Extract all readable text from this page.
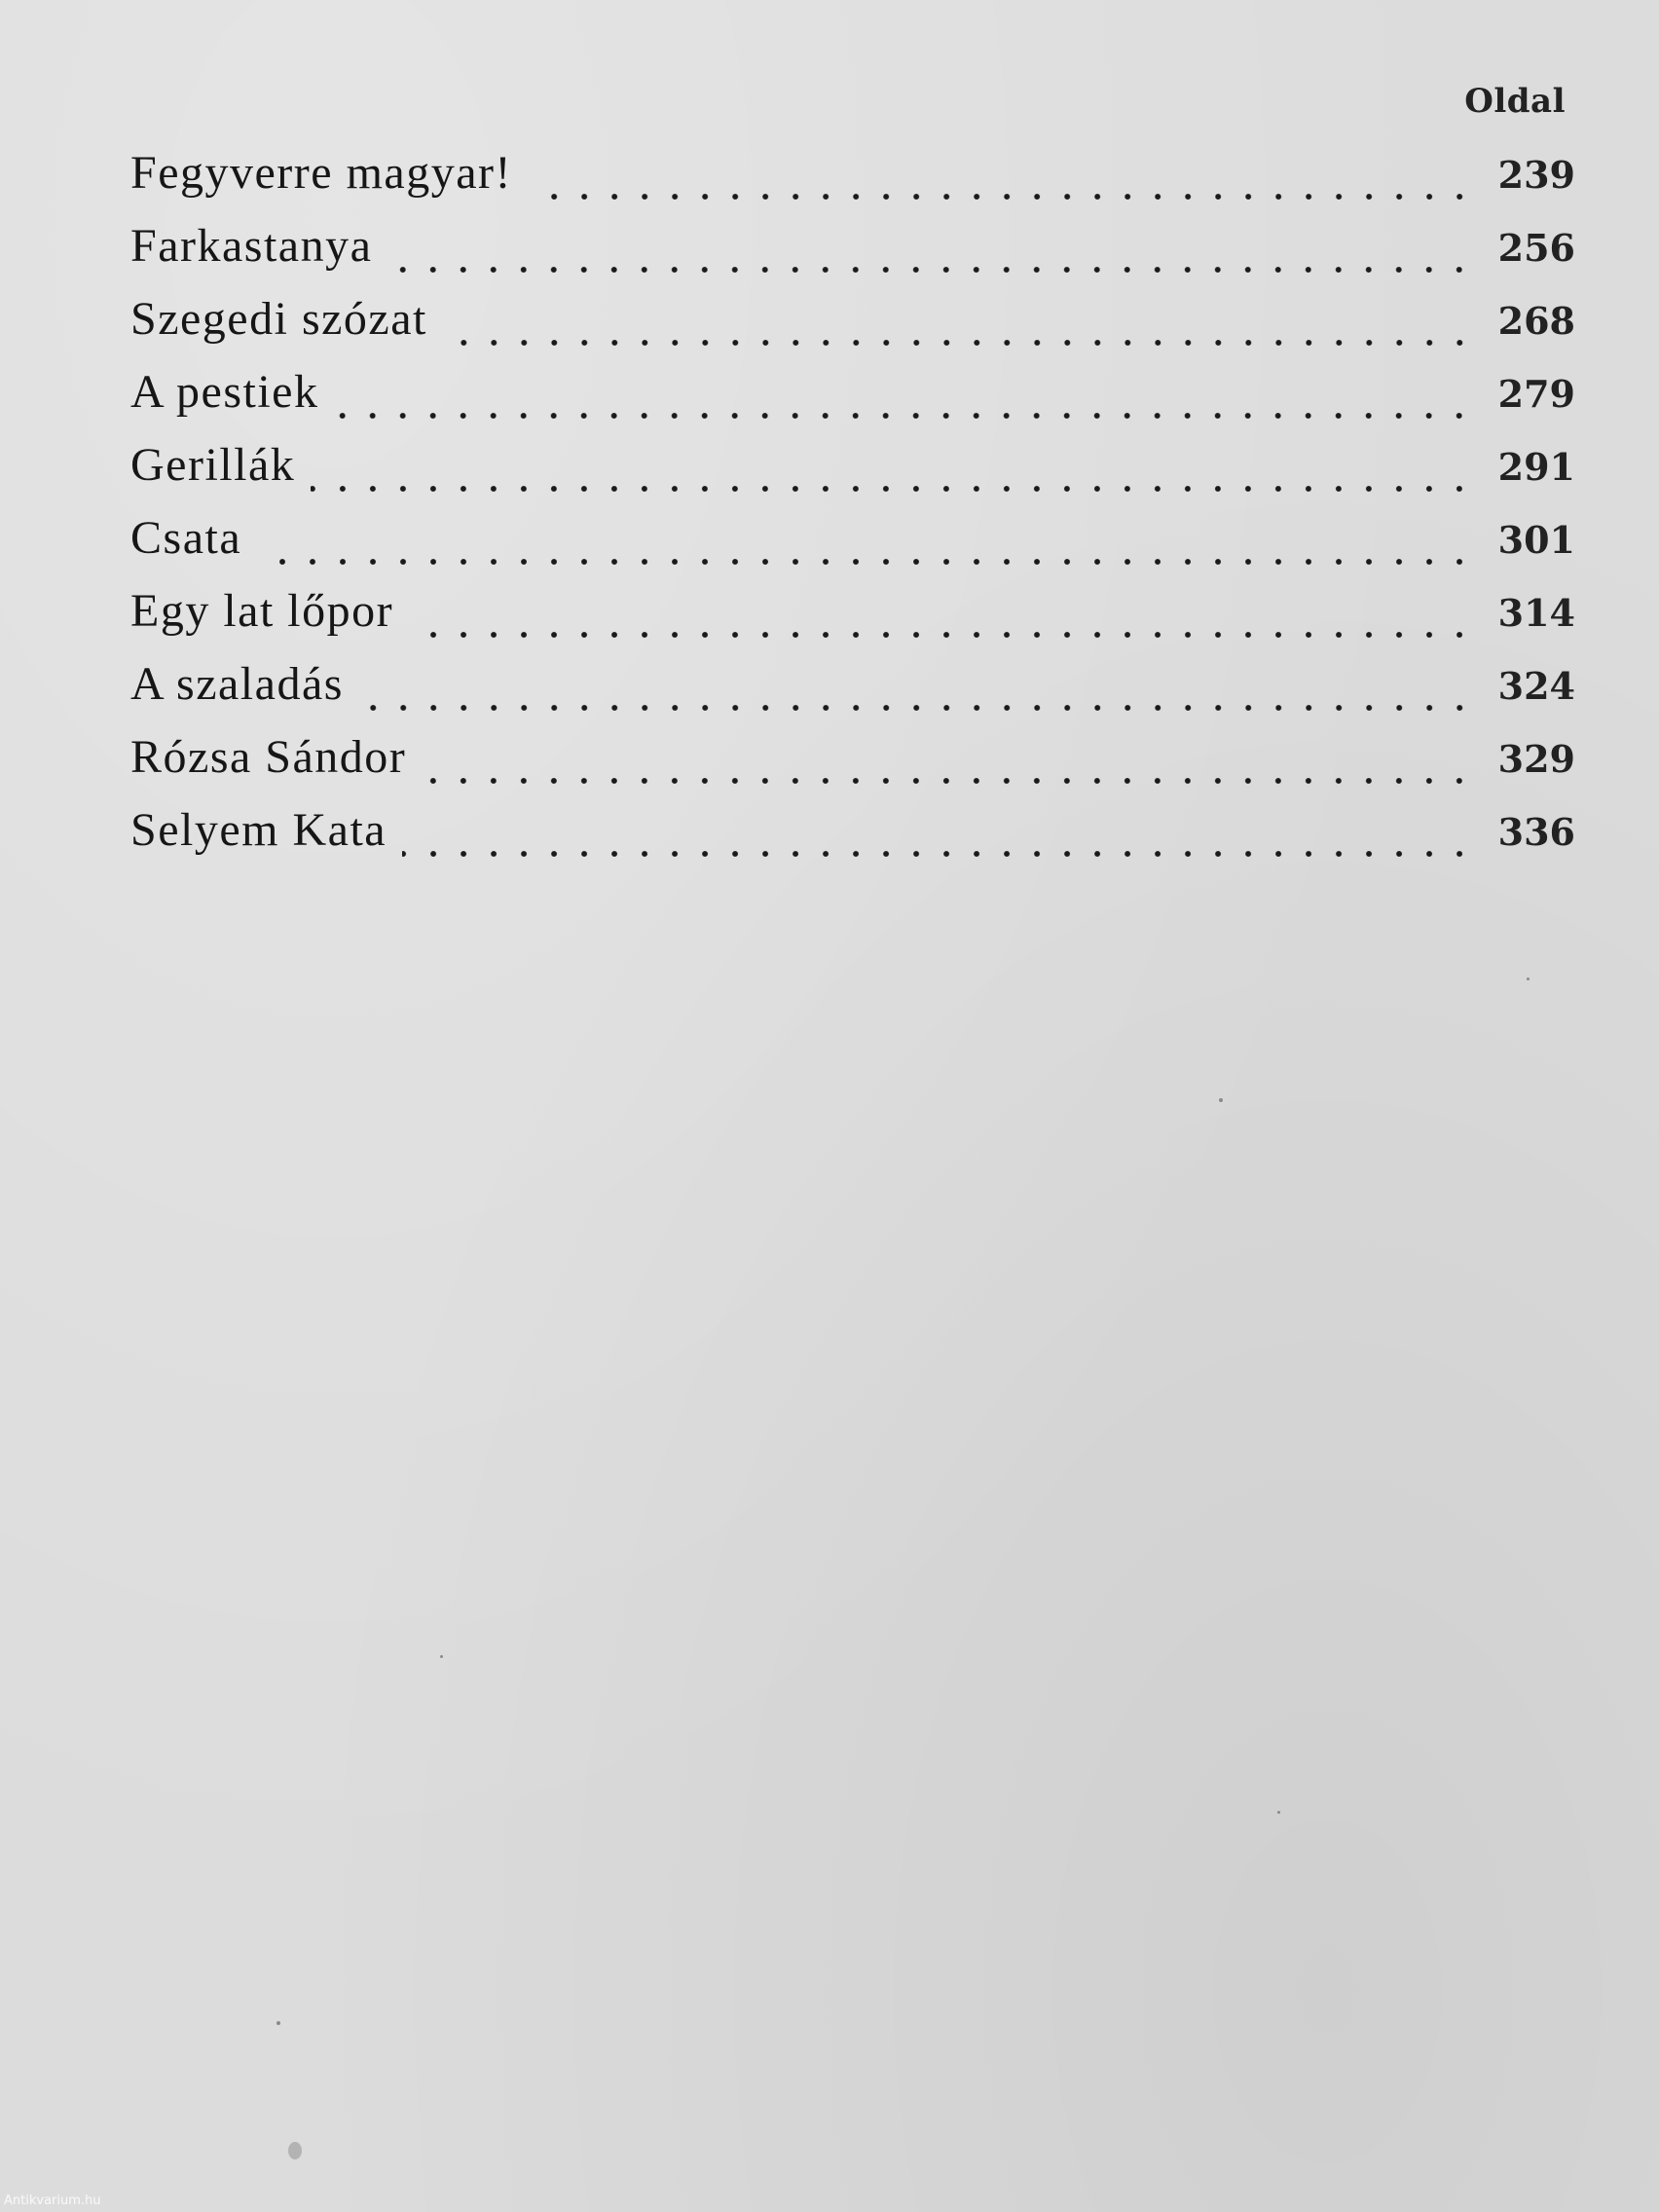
Oldal
Fegyverre magyar!	239
Farkastanya	256
Szegedi szózat	268
A pestiek	279
Gerillák	291
Csata	301
Egy lat lőpor	314
A szaladás	324
Rózsa Sándor	329
Selyem Kata	336
Antikvarium.hu
